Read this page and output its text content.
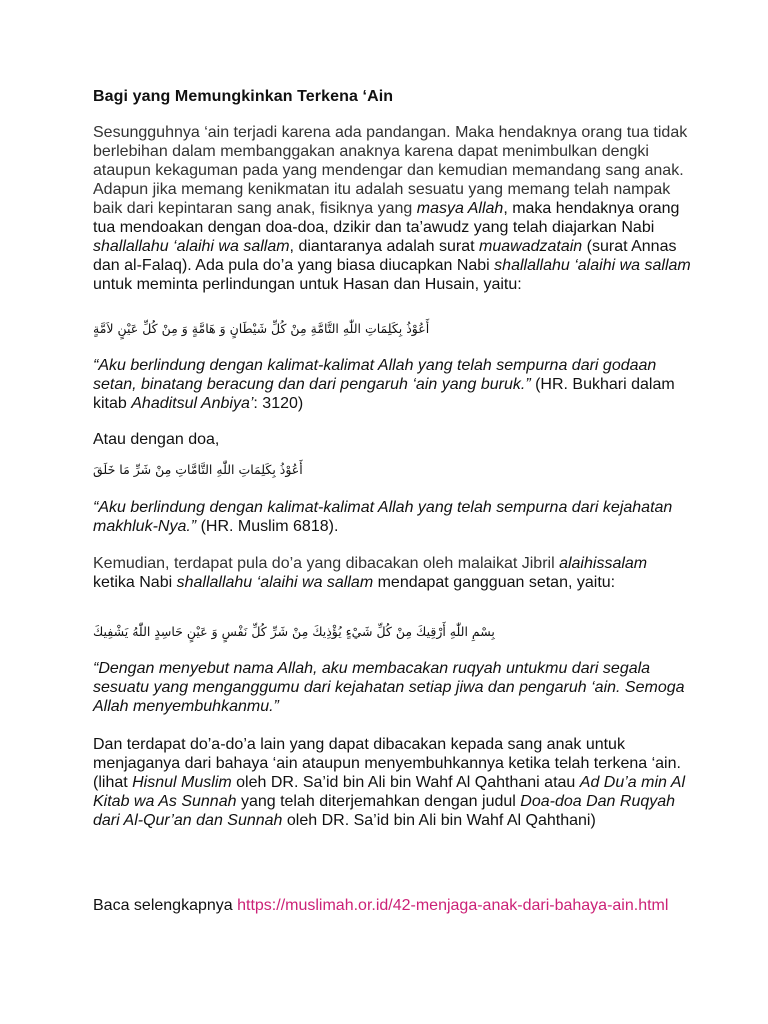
Bagi yang Memungkinkan Terkena ‘Ain
Sesungguhnya ‘ain terjadi karena ada pandangan. Maka hendaknya orang tua tidak berlebihan dalam membanggakan anaknya karena dapat menimbulkan dengki ataupun kekaguman pada yang mendengar dan kemudian memandang sang anak. Adapun jika memang kenikmatan itu adalah sesuatu yang memang telah nampak baik dari kepintaran sang anak, fisiknya yang masya Allah, maka hendaknya orang tua mendoakan dengan doa-doa, dzikir dan ta’awudz yang telah diajarkan Nabi shallallahu ‘alaihi wa sallam, diantaranya adalah surat muawadzatain (surat Annas dan al-Falaq). Ada pula do’a yang biasa diucapkan Nabi shallallahu ‘alaihi wa sallam untuk meminta perlindungan untuk Hasan dan Husain, yaitu:
أَعُوْذُ بِكَلِمَاتِ اللّٰهِ التَّامَّةِ مِنْ كُلِّ شَيْطَانٍ وَ هَامَّةٍ وَ مِنْ كُلِّ عَيْنٍ لاَمَّةٍ
“Aku berlindung dengan kalimat-kalimat Allah yang telah sempurna dari godaan setan, binatang beracung dan dari pengaruh ‘ain yang buruk.” (HR. Bukhari dalam kitab Ahaditsul Anbiya’: 3120)
Atau dengan doa,
أَعُوْذُ بِكَلِمَاتِ اللّٰهِ التَّامَّاتِ مِنْ شَرِّ مَا خَلَقَ
“Aku berlindung dengan kalimat-kalimat Allah yang telah sempurna dari kejahatan makhluk-Nya.” (HR. Muslim 6818).
Kemudian, terdapat pula do’a yang dibacakan oleh malaikat Jibril alaihissalam ketika Nabi shallallahu ‘alaihi wa sallam mendapat gangguan setan, yaitu:
بِسْمِ اللّٰهِ أَرْقِيكَ مِنْ كُلِّ شَيْءٍ يُؤْذِيكَ مِنْ شَرِّ كُلِّ نَفْسٍ وَ عَيْنٍ حَاسِدٍ اللّٰهُ يَشْفِيكَ
“Dengan menyebut nama Allah, aku membacakan ruqyah untukmu dari segala sesuatu yang menganggumu dari kejahatan setiap jiwa dan pengaruh ‘ain. Semoga Allah menyembuhkanmu.”
Dan terdapat do’a-do’a lain yang dapat dibacakan kepada sang anak untuk menjaganya dari bahaya ‘ain ataupun menyembuhkannya ketika telah terkena ‘ain. (lihat Hisnul Muslim oleh DR. Sa’id bin Ali bin Wahf Al Qahthani atau Ad Du’a min Al Kitab wa As Sunnah yang telah diterjemahkan dengan judul Doa-doa Dan Ruqyah dari Al-Qur’an dan Sunnah oleh DR. Sa’id bin Ali bin Wahf Al Qahthani)
Baca selengkapnya https://muslimah.or.id/42-menjaga-anak-dari-bahaya-ain.html
